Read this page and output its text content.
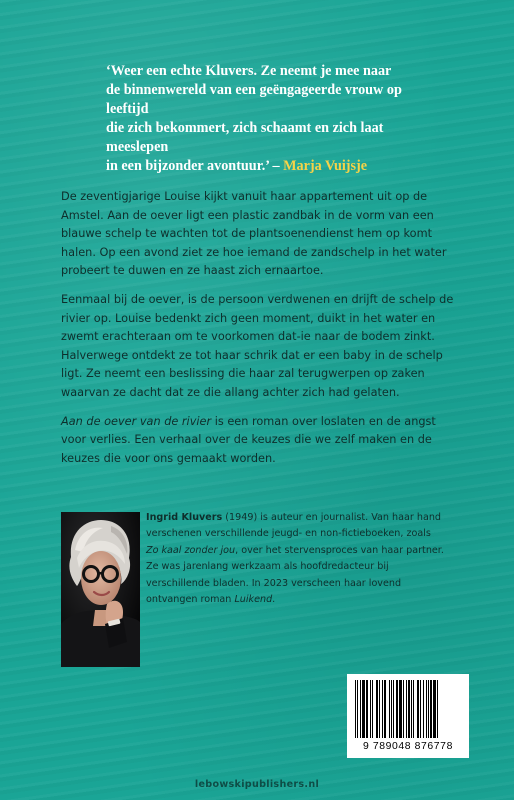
‘Weer een echte Kluvers. Ze neemt je mee naar
de binnenwereld van een geëngageerde vrouw op leeftijd
die zich bekommert, zich schaamt en zich laat meeslepen
in een bijzonder avontuur.’ – Marja Vuijsje

De zeventigjarige Louise kijkt vanuit haar appartement uit op de Amstel. Aan de oever ligt een plastic zandbak in de vorm van een blauwe schelp te wachten tot de plantsoenendienst hem op komt halen. Op een avond ziet ze hoe iemand de zandschelp in het water probeert te duwen en ze haast zich ernaartoe.

Eenmaal bij de oever, is de persoon verdwenen en drijft de schelp de rivier op. Louise bedenkt zich geen moment, duikt in het water en zwemt erachteraan om te voorkomen dat-ie naar de bodem zinkt. Halverwege ontdekt ze tot haar schrik dat er een baby in de schelp ligt. Ze neemt een beslissing die haar zal terugwerpen op zaken waarvan ze dacht dat ze die allang achter zich had gelaten.

Aan de oever van de rivier is een roman over loslaten en de angst voor verlies. Een verhaal over de keuzes die we zelf maken en de keuzes die voor ons gemaakt worden.

Ingrid Kluvers (1949) is auteur en journalist. Van haar hand verschenen verschillende jeugd- en non-fictieboeken, zoals Zo kaal zonder jou, over het stervensproces van haar partner. Ze was jarenlang werkzaam als hoofdredacteur bij verschillende bladen. In 2023 verscheen haar lovend ontvangen roman Luikend.

9 789048 876778
lebowskipublishers.nl
